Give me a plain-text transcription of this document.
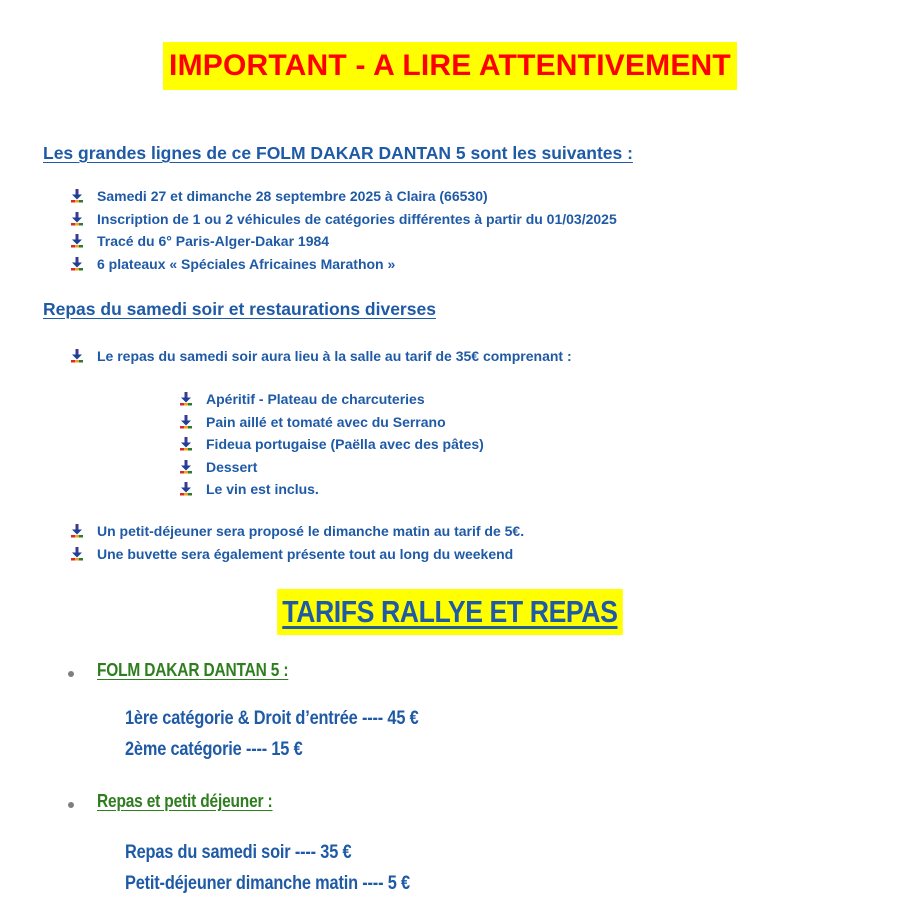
IMPORTANT - A LIRE ATTENTIVEMENT
Les grandes lignes de ce FOLM DAKAR DANTAN 5 sont les suivantes :
Samedi 27 et dimanche 28 septembre 2025 à Claira (66530)
Inscription de 1 ou 2 véhicules de catégories différentes à partir du 01/03/2025
Tracé du 6° Paris-Alger-Dakar 1984
6 plateaux « Spéciales Africaines Marathon »
Repas du samedi soir et restaurations diverses
Le repas du samedi soir aura lieu à la salle au tarif de 35€ comprenant :
Apéritif - Plateau de charcuteries
Pain aillé et tomaté avec du Serrano
Fideua portugaise (Paëlla avec des pâtes)
Dessert
Le vin est inclus.
Un petit-déjeuner sera proposé le dimanche matin au tarif de 5€.
Une buvette sera également présente tout au long du weekend
TARIFS RALLYE ET REPAS
FOLM DAKAR DANTAN 5 :
1ère catégorie & Droit d’entrée ---- 45 €
2ème catégorie ---- 15 €
Repas et petit déjeuner :
Repas du samedi soir ---- 35 €
Petit-déjeuner dimanche matin ---- 5 €
